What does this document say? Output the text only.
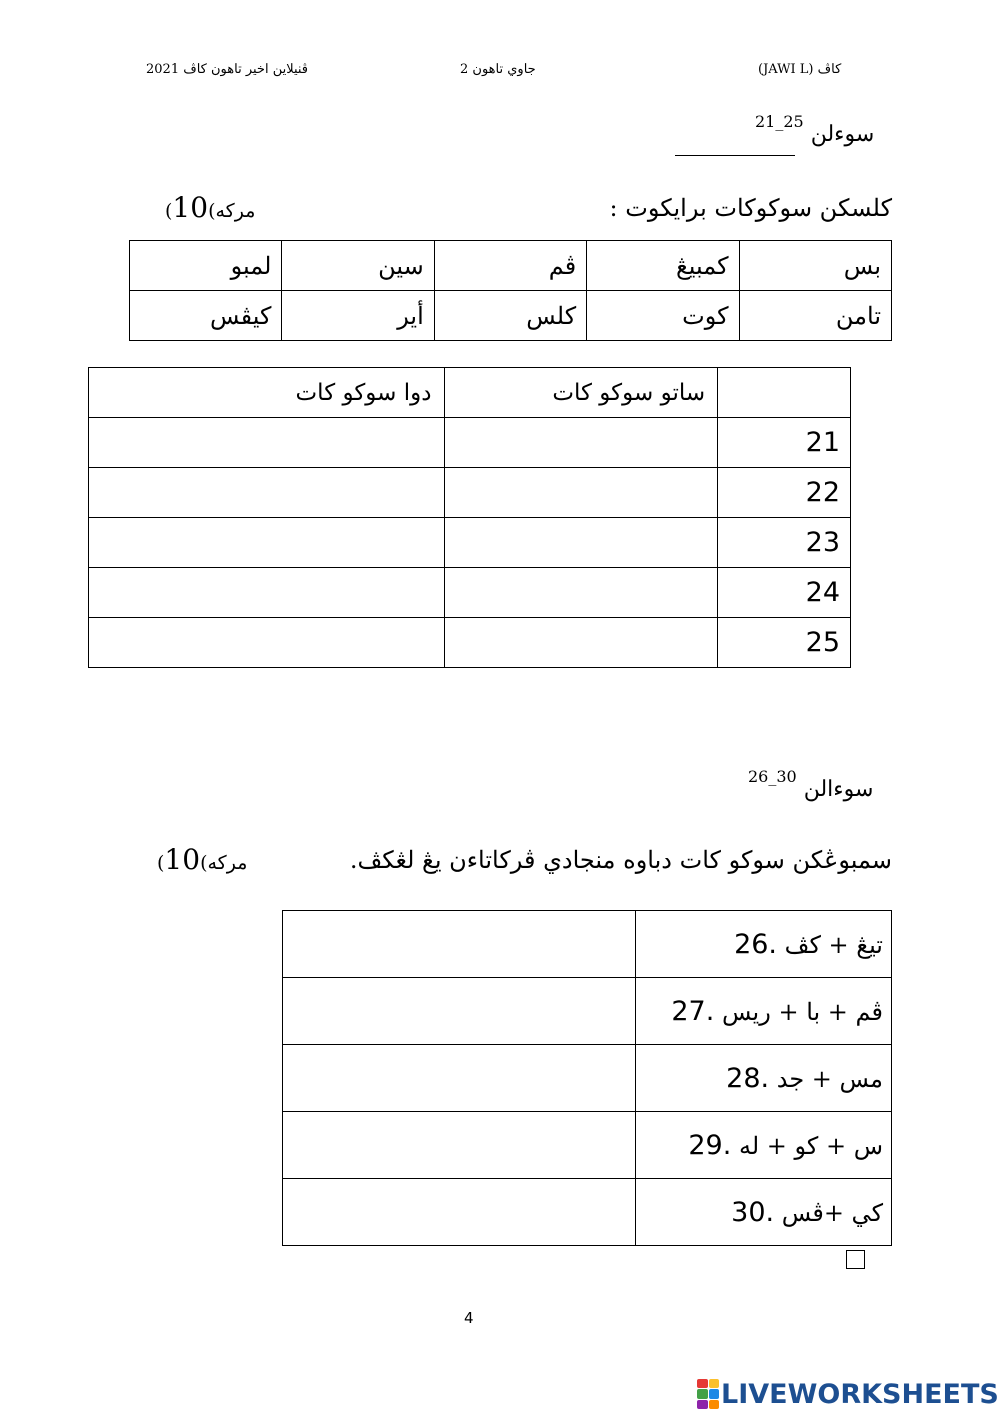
ڤنيلاين اخير تاهون كاڤ 2021	جاوي تاهون 2	كاڤ (JAWI L)
$^{21\_25}$ سوءلن
كلسكن سوكوكات برايكوت :
(10 مركه)
لمبو	سين	ڤم	كمبيڠ	بس
كيڤس	أير	كلس	كوت	تامن
دوا سوكو كات	ساتو سوكو كات	
		21
		22
		23
		24
		25
$^{26\_30}$ سوءالن
سمبوڠكن سوكو كات دباوه منجادي ڤركاتاءن يڠ لڠكڤ.
(10 مركه)
	26. تيڠ + كڤ
	27. ڤم + با + ريس
	28. مس + جد
	29. س + كو + له
	30. كي +ڤس
4
LIVEWORKSHEETS
